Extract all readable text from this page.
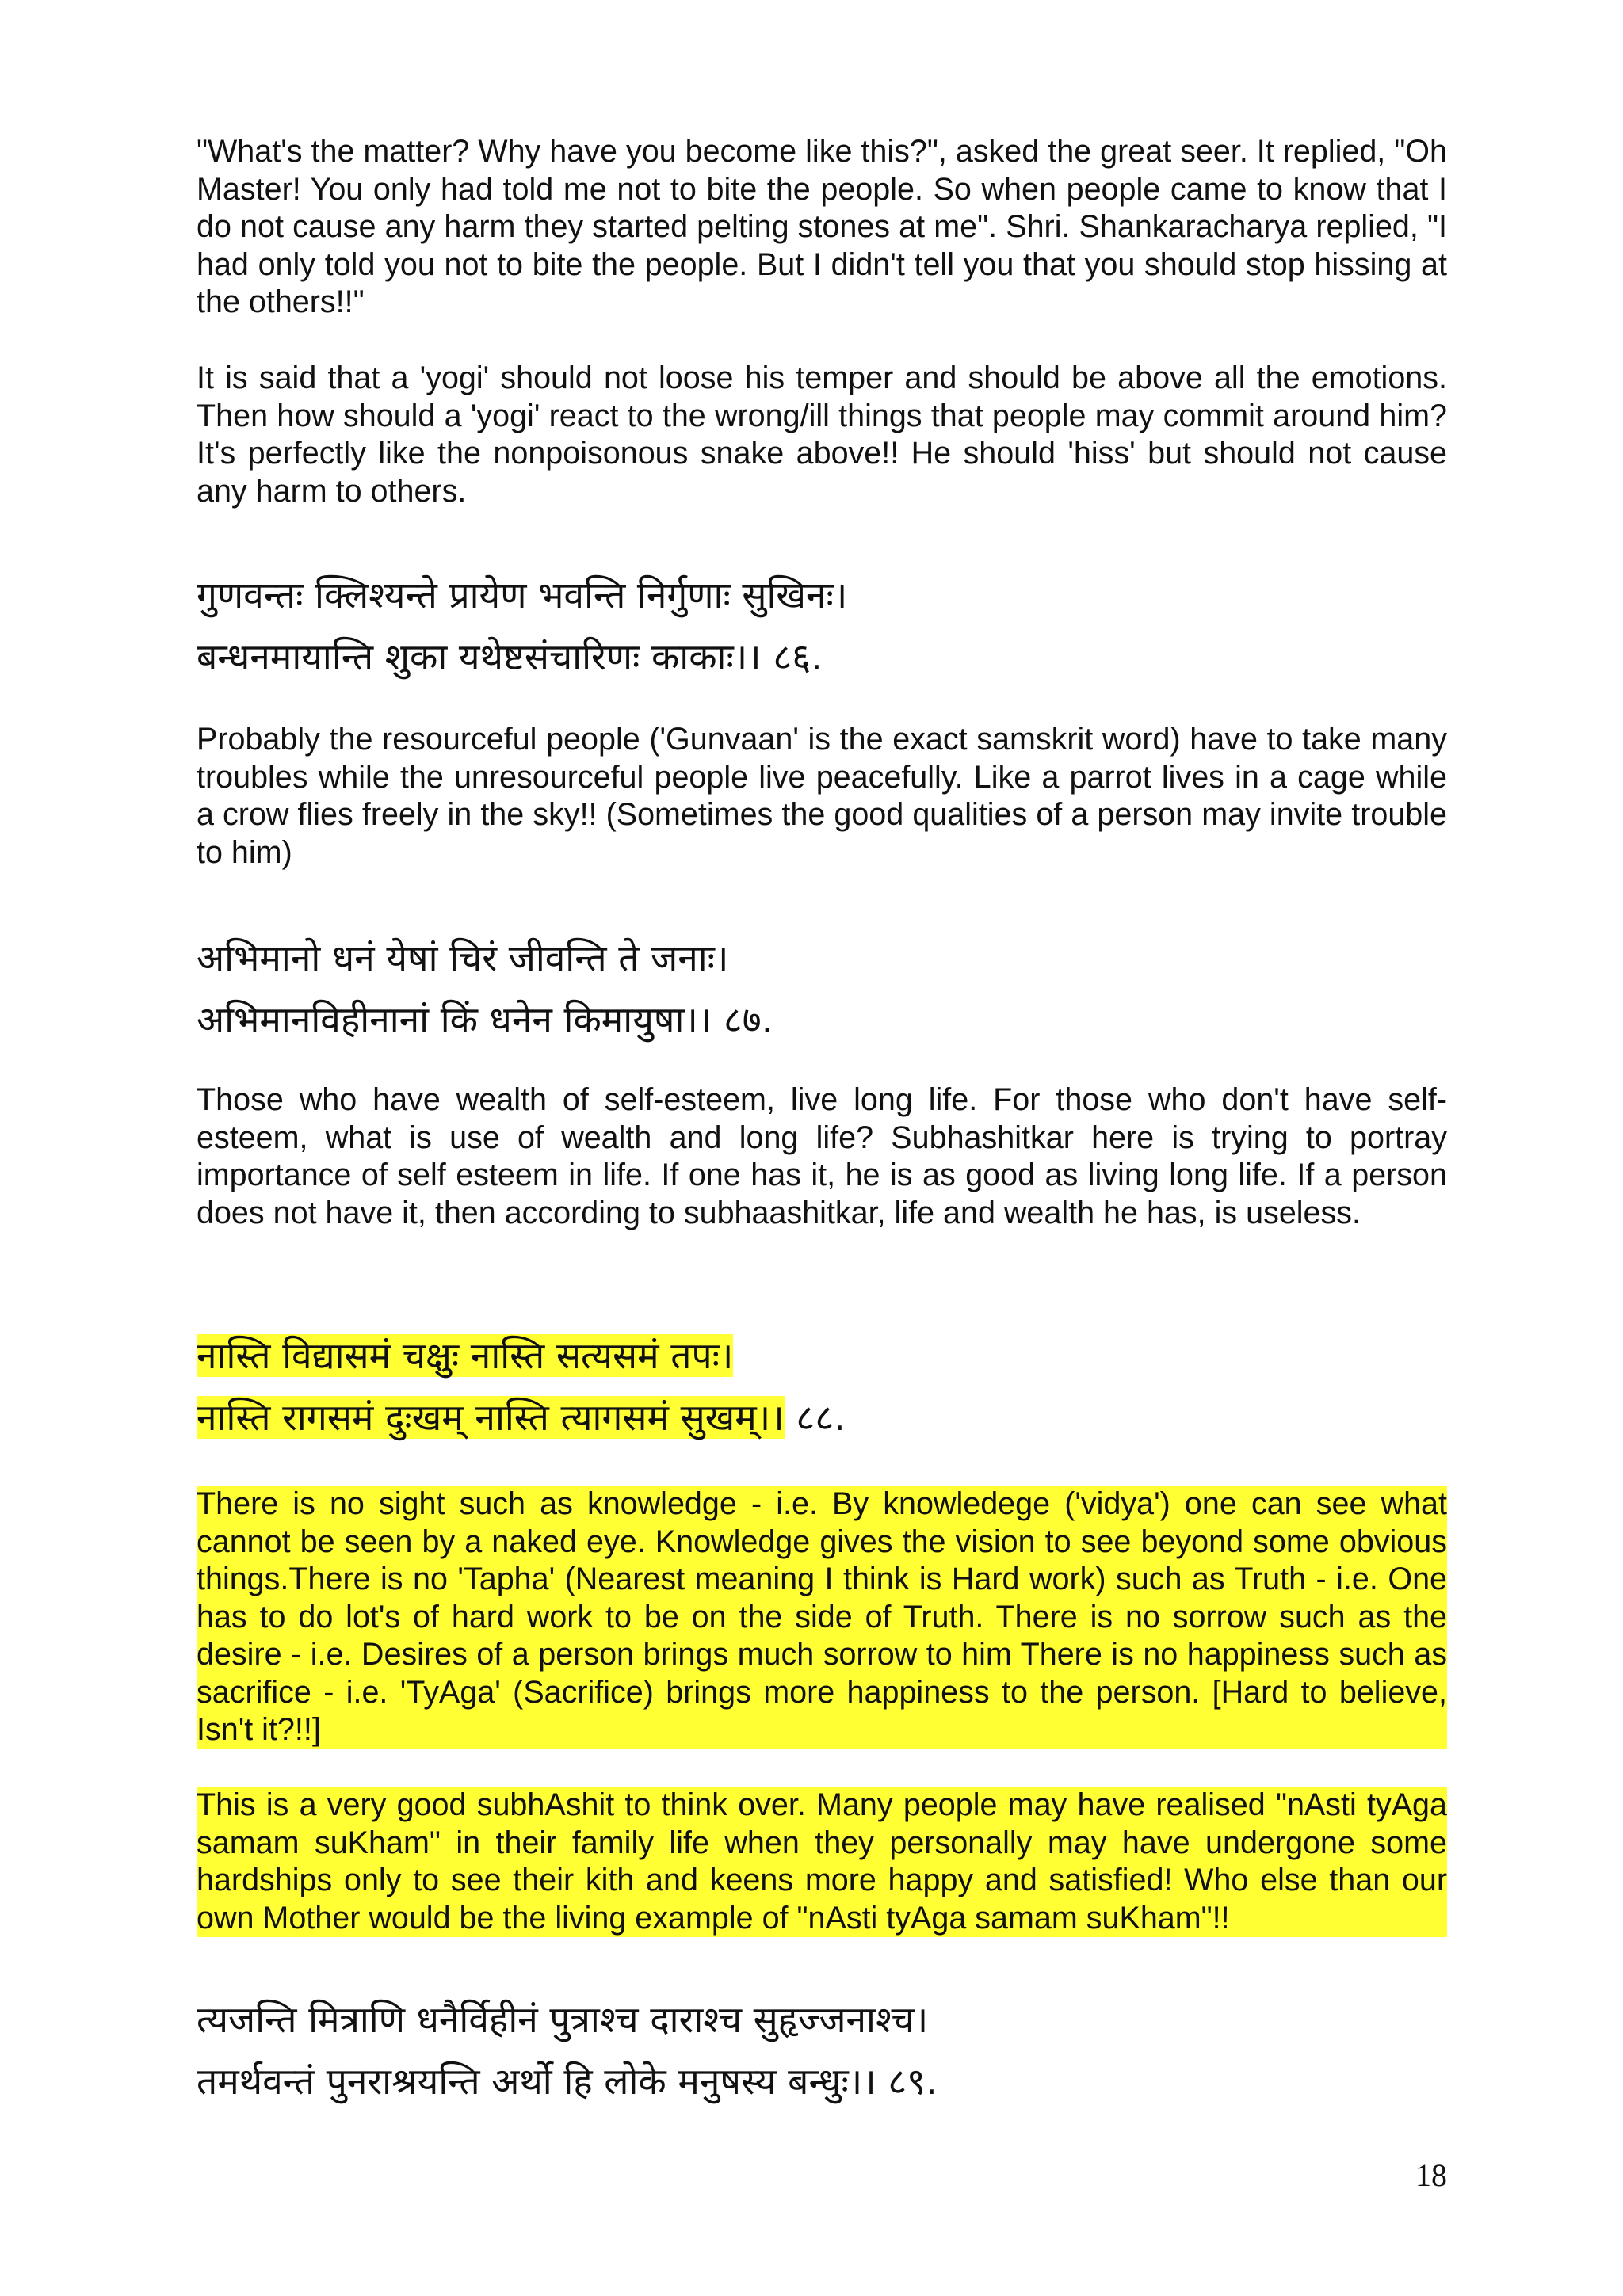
"What's the matter? Why have you become like this?", asked the great seer. It replied, "Oh Master! You only had told me not to bite the people. So when people came to know that I do not cause any harm they started pelting stones at me". Shri. Shankaracharya replied, "I had only told you not to bite the people. But I didn't tell you that you should stop hissing at the others!!"

It is said that a 'yogi' should not loose his temper and should be above all the emotions. Then how should a 'yogi' react to the wrong/ill things that people may commit around him? It's perfectly like the nonpoisonous snake above!! He should 'hiss' but should not cause any harm to others.

गुणवन्तः क्लिश्यन्ते प्रायेण भवन्ति निर्गुणाः सुखिनः।
बन्धनमायान्ति शुका यथेष्टसंचारिणः काकाः।। ८६.

Probably the resourceful people ('Gunvaan' is the exact samskrit word) have to take many troubles while the unresourceful people live peacefully. Like a parrot lives in a cage while a crow flies freely in the sky!! (Sometimes the good qualities of a person may invite trouble to him)

अभिमानो धनं येषां चिरं जीवन्ति ते जनाः।
अभिमानविहीनानां किं धनेन किमायुषा।। ८७.

Those who have wealth of self-esteem, live long life. For those who don't have self-esteem, what is use of wealth and long life? Subhashitkar here is trying to portray importance of self esteem in life. If one has it, he is as good as living long life. If a person does not have it, then according to subhaashitkar, life and wealth he has, is useless.

नास्ति विद्यासमं चक्षुः नास्ति सत्यसमं तपः।
नास्ति रागसमं दुःखम् नास्ति त्यागसमं सुखम्।। ८८.

There is no sight such as knowledge - i.e. By knowledege ('vidya') one can see what cannot be seen by a naked eye. Knowledge gives the vision to see beyond some obvious things.There is no 'Tapha' (Nearest meaning I think is Hard work) such as Truth - i.e. One has to do lot's of hard work to be on the side of Truth. There is no sorrow such as the desire - i.e. Desires of a person brings much sorrow to him There is no happiness such as sacrifice - i.e. 'TyAga' (Sacrifice) brings more happiness to the person. [Hard to believe, Isn't it?!!]

This is a very good subhAshit to think over. Many people may have realised "nAsti tyAga samam suKham" in their family life when they personally may have undergone some hardships only to see their kith and keens more happy and satisfied! Who else than our own Mother would be the living example of "nAsti tyAga samam suKham"!!

त्यजन्ति मित्राणि धनैर्विहीनं पुत्राश्च दाराश्च सुहृज्जनाश्च।
तमर्थवन्तं पुनराश्रयन्ति अर्थो हि लोके मनुषस्य बन्धुः।। ८९.
18
